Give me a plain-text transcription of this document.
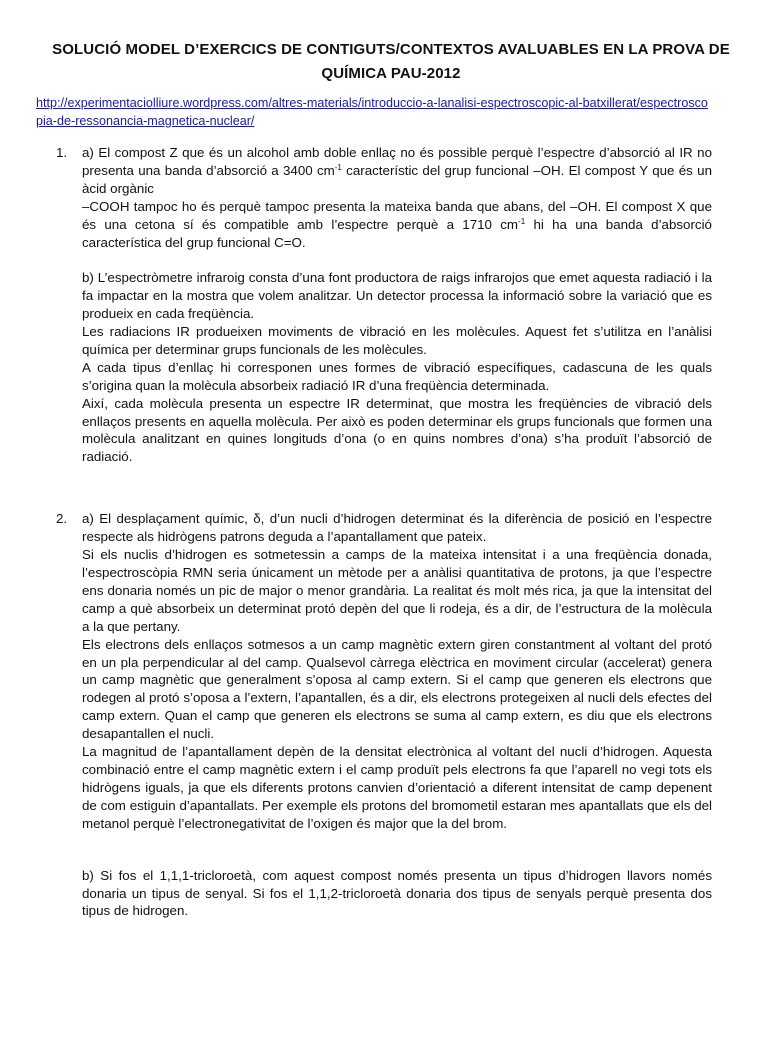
SOLUCIÓ MODEL D’EXERCICS DE CONTIGUTS/CONTEXTOS AVALUABLES EN LA PROVA DE QUÍMICA PAU-2012
http://experimentaciolliure.wordpress.com/altres-materials/introduccio-a-lanalisi-espectroscopic-al-batxillerat/espectroscopia-de-ressonancia-magnetica-nuclear/
1. a) El compost Z que és un alcohol amb doble enllaç no és possible perquè l’espectre d’absorció al IR no presenta una banda d’absorció a 3400 $cm^{-1}$ característic del grup funcional –OH. El compost Y que és un àcid orgànic
–COOH tampoc ho és perquè tampoc presenta la mateixa banda que abans, del –OH. El compost X que és una cetona sí és compatible amb l’espectre perquè a 1710 $cm^{-1}$ hi ha una banda d’absorció característica del grup funcional C=O.

b) L’espectròmetre infraroig consta d’una font productora de raigs infrarojos que emet aquesta radiació i la fa impactar en la mostra que volem analitzar. Un detector processa la informació sobre la variació que es produeix en cada freqüència.

Les radiacions IR produeixen moviments de vibració en les molècules. Aquest fet s’utilitza en l’anàlisi química per determinar grups funcionals de les molècules.

A cada tipus d’enllaç hi corresponen unes formes de vibració específiques, cadascuna de les quals s’origina quan la molècula absorbeix radiació IR d’una freqüència determinada.

Així, cada molècula presenta un espectre IR determinat, que mostra les freqüències de vibració dels enllaços presents en aquella molècula. Per això es poden determinar els grups funcionals que formen una molècula analitzant en quines longituds d’ona (o en quins nombres d’ona) s’ha produït l’absorció de radiació.

2. a) El desplaçament químic, δ, d’un nucli d’hidrogen determinat és la diferència de posició en l’espectre respecte als hidrògens patrons deguda a l’apantallament que pateix.

Si els nuclis d’hidrogen es sotmetessin a camps de la mateixa intensitat i a una freqüència donada, l’espectroscòpia RMN seria únicament un mètode per a anàlisi quantitativa de protons, ja que l’espectre ens donaria només un pic de major o menor grandària. La realitat és molt més rica, ja que la intensitat del camp a què absorbeix un determinat protó depèn del que li rodeja, és a dir, de l’estructura de la molècula a la que pertany.

Els electrons dels enllaços sotmesos a un camp magnètic extern giren constantment al voltant del protó en un pla perpendicular al del camp. Qualsevol càrrega elèctrica en moviment circular (accelerat) genera un camp magnètic que generalment s’oposa al camp extern. Si el camp que generen els electrons que rodegen al protó s’oposa a l’extern, l’apantallen, és a dir, els electrons protegeixen al nucli dels efectes del camp extern. Quan el camp que generen els electrons se suma al camp extern, es diu que els electrons desapantallen el nucli.

La magnitud de l’apantallament depèn de la densitat electrònica al voltant del nucli d’hidrogen. Aquesta combinació entre el camp magnètic extern i el camp produït pels electrons fa que l’aparell no vegi tots els hidrògens iguals, ja que els diferents protons canvien d’orientació a diferent intensitat de camp depenent de com estiguin d’apantallats. Per exemple els protons del bromometil estaran mes apantallats que els del metanol perquè l’electronegativitat de l’oxigen és major que la del brom.

b) Si fos el 1,1,1-tricloroetà, com aquest compost només presenta un tipus d’hidrogen llavors només donaria un tipus de senyal. Si fos el 1,1,2-tricloroetà donaria dos tipus de senyals perquè presenta dos tipus de hidrogen.
